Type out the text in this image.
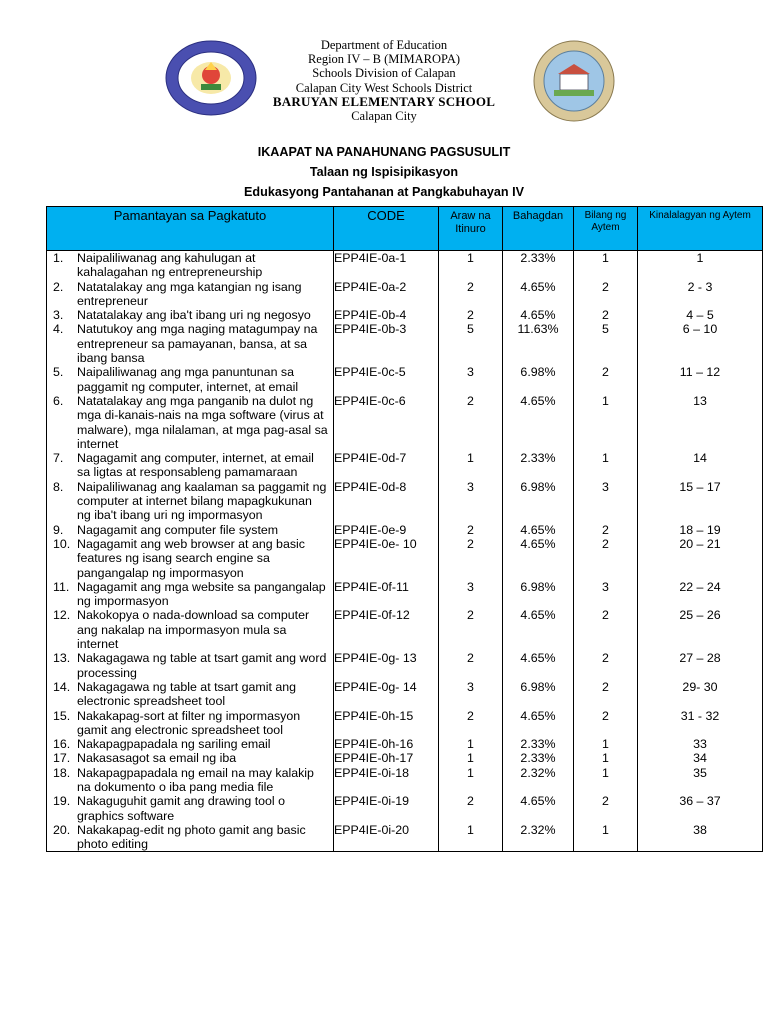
Department of Education
Region IV – B (MIMAROPA)
Schools Division of Calapan
Calapan City West Schools District
BARUYAN ELEMENTARY SCHOOL
Calapan City
IKAAPAT NA PANAHUNANG PAGSUSULIT
Talaan ng Ispisipikasyon
Edukasyong Pantahanan at Pangkabuhayan IV
Pamantayan sa Pagkatuto	CODE	Araw na Itinuro	Bahagdan	Bilang ng Aytem	Kinalalagyan ng Aytem

1. Naipaliliwanag ang kahulugan at kahalagahan ng entrepreneurship	EPP4IE-0a-1	1	2.33%	1	1

2. Natatalakay ang mga katangian ng isang entrepreneur	EPP4IE-0a-2	2	4.65%	2	2 - 3

3. Natatalakay ang iba't ibang uri ng negosyo	EPP4IE-0b-4	2	4.65%	2	4 – 5

4. Natutukoy ang mga naging matagumpay na entrepreneur sa pamayanan, bansa, at sa ibang bansa	EPP4IE-0b-3	5	11.63%	5	6 – 10

5. Naipaliliwanag ang mga panuntunan sa paggamit ng computer, internet, at email	EPP4IE-0c-5	3	6.98%	2	11 – 12

6. Natatalakay ang mga panganib na dulot ng mga di-kanais-nais na mga software (virus at malware), mga nilalaman, at mga pag-asal sa internet	EPP4IE-0c-6	2	4.65%	1	13

7. Nagagamit ang computer, internet, at email sa ligtas at responsableng pamamaraan	EPP4IE-0d-7	1	2.33%	1	14

8. Naipaliliwanag ang kaalaman sa paggamit ng computer at internet bilang mapagkukunan ng iba't ibang uri ng impormasyon	EPP4IE-0d-8	3	6.98%	3	15 – 17

9. Nagagamit ang computer file system	EPP4IE-0e-9	2	4.65%	2	18 – 19

10. Nagagamit ang web browser at ang basic features ng isang search engine sa pangangalap ng impormasyon	EPP4IE-0e- 10	2	4.65%	2	20 – 21

11. Nagagamit ang mga website sa pangangalap ng impormasyon	EPP4IE-0f-11	3	6.98%	3	22 – 24

12. Nakokopya o nada-download sa computer ang nakalap na impormasyon mula sa internet	EPP4IE-0f-12	2	4.65%	2	25 – 26

13. Nakagagawa ng table at tsart gamit ang word processing	EPP4IE-0g- 13	2	4.65%	2	27 – 28

14. Nakagagawa ng table at tsart gamit ang electronic spreadsheet tool	EPP4IE-0g- 14	3	6.98%	2	29- 30

15. Nakakapag-sort at filter ng impormasyon gamit ang electronic spreadsheet tool	EPP4IE-0h-15	2	4.65%	2	31 - 32

16. Nakapagpapadala ng sariling email	EPP4IE-0h-16	1	2.33%	1	33

17. Nakasasagot sa email ng iba	EPP4IE-0h-17	1	2.33%	1	34

18. Nakapagpapadala ng email na may kalakip na dokumento o iba pang media file	EPP4IE-0i-18	1	2.32%	1	35

19. Nakaguguhit gamit ang drawing tool o graphics software	EPP4IE-0i-19	2	4.65%	2	36 – 37

20. Nakakapag-edit ng photo gamit ang basic photo editing	EPP4IE-0i-20	1	2.32%	1	38
